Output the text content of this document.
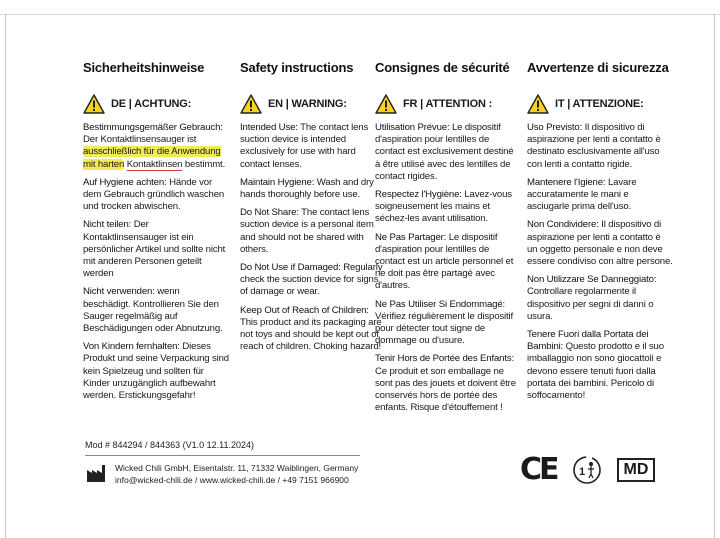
Sicherheitshinweise
DE | ACHTUNG:

Bestimmungsgemäßer Gebrauch: Der Kontaktlinsensauger ist ausschließlich für die Anwendung mit harten Kontaktlinsen bestimmt.

Auf Hygiene achten: Hände vor dem Gebrauch gründlich waschen und trocken abwischen.

Nicht teilen: Der Kontaktlinsensauger ist ein persönlicher Artikel und sollte nicht mit anderen Personen geteilt werden

Nicht verwenden: wenn beschädigt. Kontrollieren Sie den Sauger regelmäßig auf Beschädigungen oder Abnutzung.

Von Kindern fernhalten: Dieses Produkt und seine Verpackung sind kein Spielzeug und sollten für Kinder unzugänglich aufbewahrt werden. Erstickungsgefahr!

Safety instructions
EN | WARNING:

Intended Use: The contact lens suction device is intended exclusively for use with hard contact lenses.

Maintain Hygiene: Wash and dry hands thoroughly before use.

Do Not Share: The contact lens suction device is a personal item and should not be shared with others.

Do Not Use if Damaged: Regularly check the suction device for signs of damage or wear.

Keep Out of Reach of Children: This product and its packaging are not toys and should be kept out of reach of children. Choking hazard!

Consignes de sécurité
FR | ATTENTION :

Utilisation Prévue: Le dispositif d'aspiration pour lentilles de contact est exclusivement destiné à être utilisé avec des lentilles de contact rigides.

Respectez l'Hygiène: Lavez-vous soigneusement les mains et séchez-les avant utilisation.

Ne Pas Partager: Le dispositif d'aspiration pour lentilles de contact est un article personnel et ne doit pas être partagé avec d'autres.

Ne Pas Utiliser Si Endommagé: Vérifiez régulièrement le dispositif pour détecter tout signe de dommage ou d'usure.

Tenir Hors de Portée des Enfants: Ce produit et son emballage ne sont pas des jouets et doivent être conservés hors de portée des enfants. Risque d'étouffement !

Avvertenze di sicurezza
IT | ATTENZIONE:

Uso Previsto: Il dispositivo di aspirazione per lenti a contatto è destinato esclusivamente all'uso con lenti a contatto rigide.

Mantenere l'Igiene: Lavare accuratamente le mani e asciugarle prima dell'uso.

Non Condividere: Il dispositivo di aspirazione per lenti a contatto è un oggetto personale e non deve essere condiviso con altre persone.

Non Utilizzare Se Danneggiato: Controllare regolarmente il dispositivo per segni di danni o usura.

Tenere Fuori dalla Portata dei Bambini: Questo prodotto e il suo imballaggio non sono giocattoli e devono essere tenuti fuori dalla portata dei bambini. Pericolo di soffocamento!

Mod # 844294 / 844363 (V1.0 12.11.2024)
Wicked Chili GmbH, Eisentalstr. 11, 71332 Waiblingen, Germany
info@wicked-chili.de / www.wicked-chili.de / +49 7151 966900	CE 1	MD
